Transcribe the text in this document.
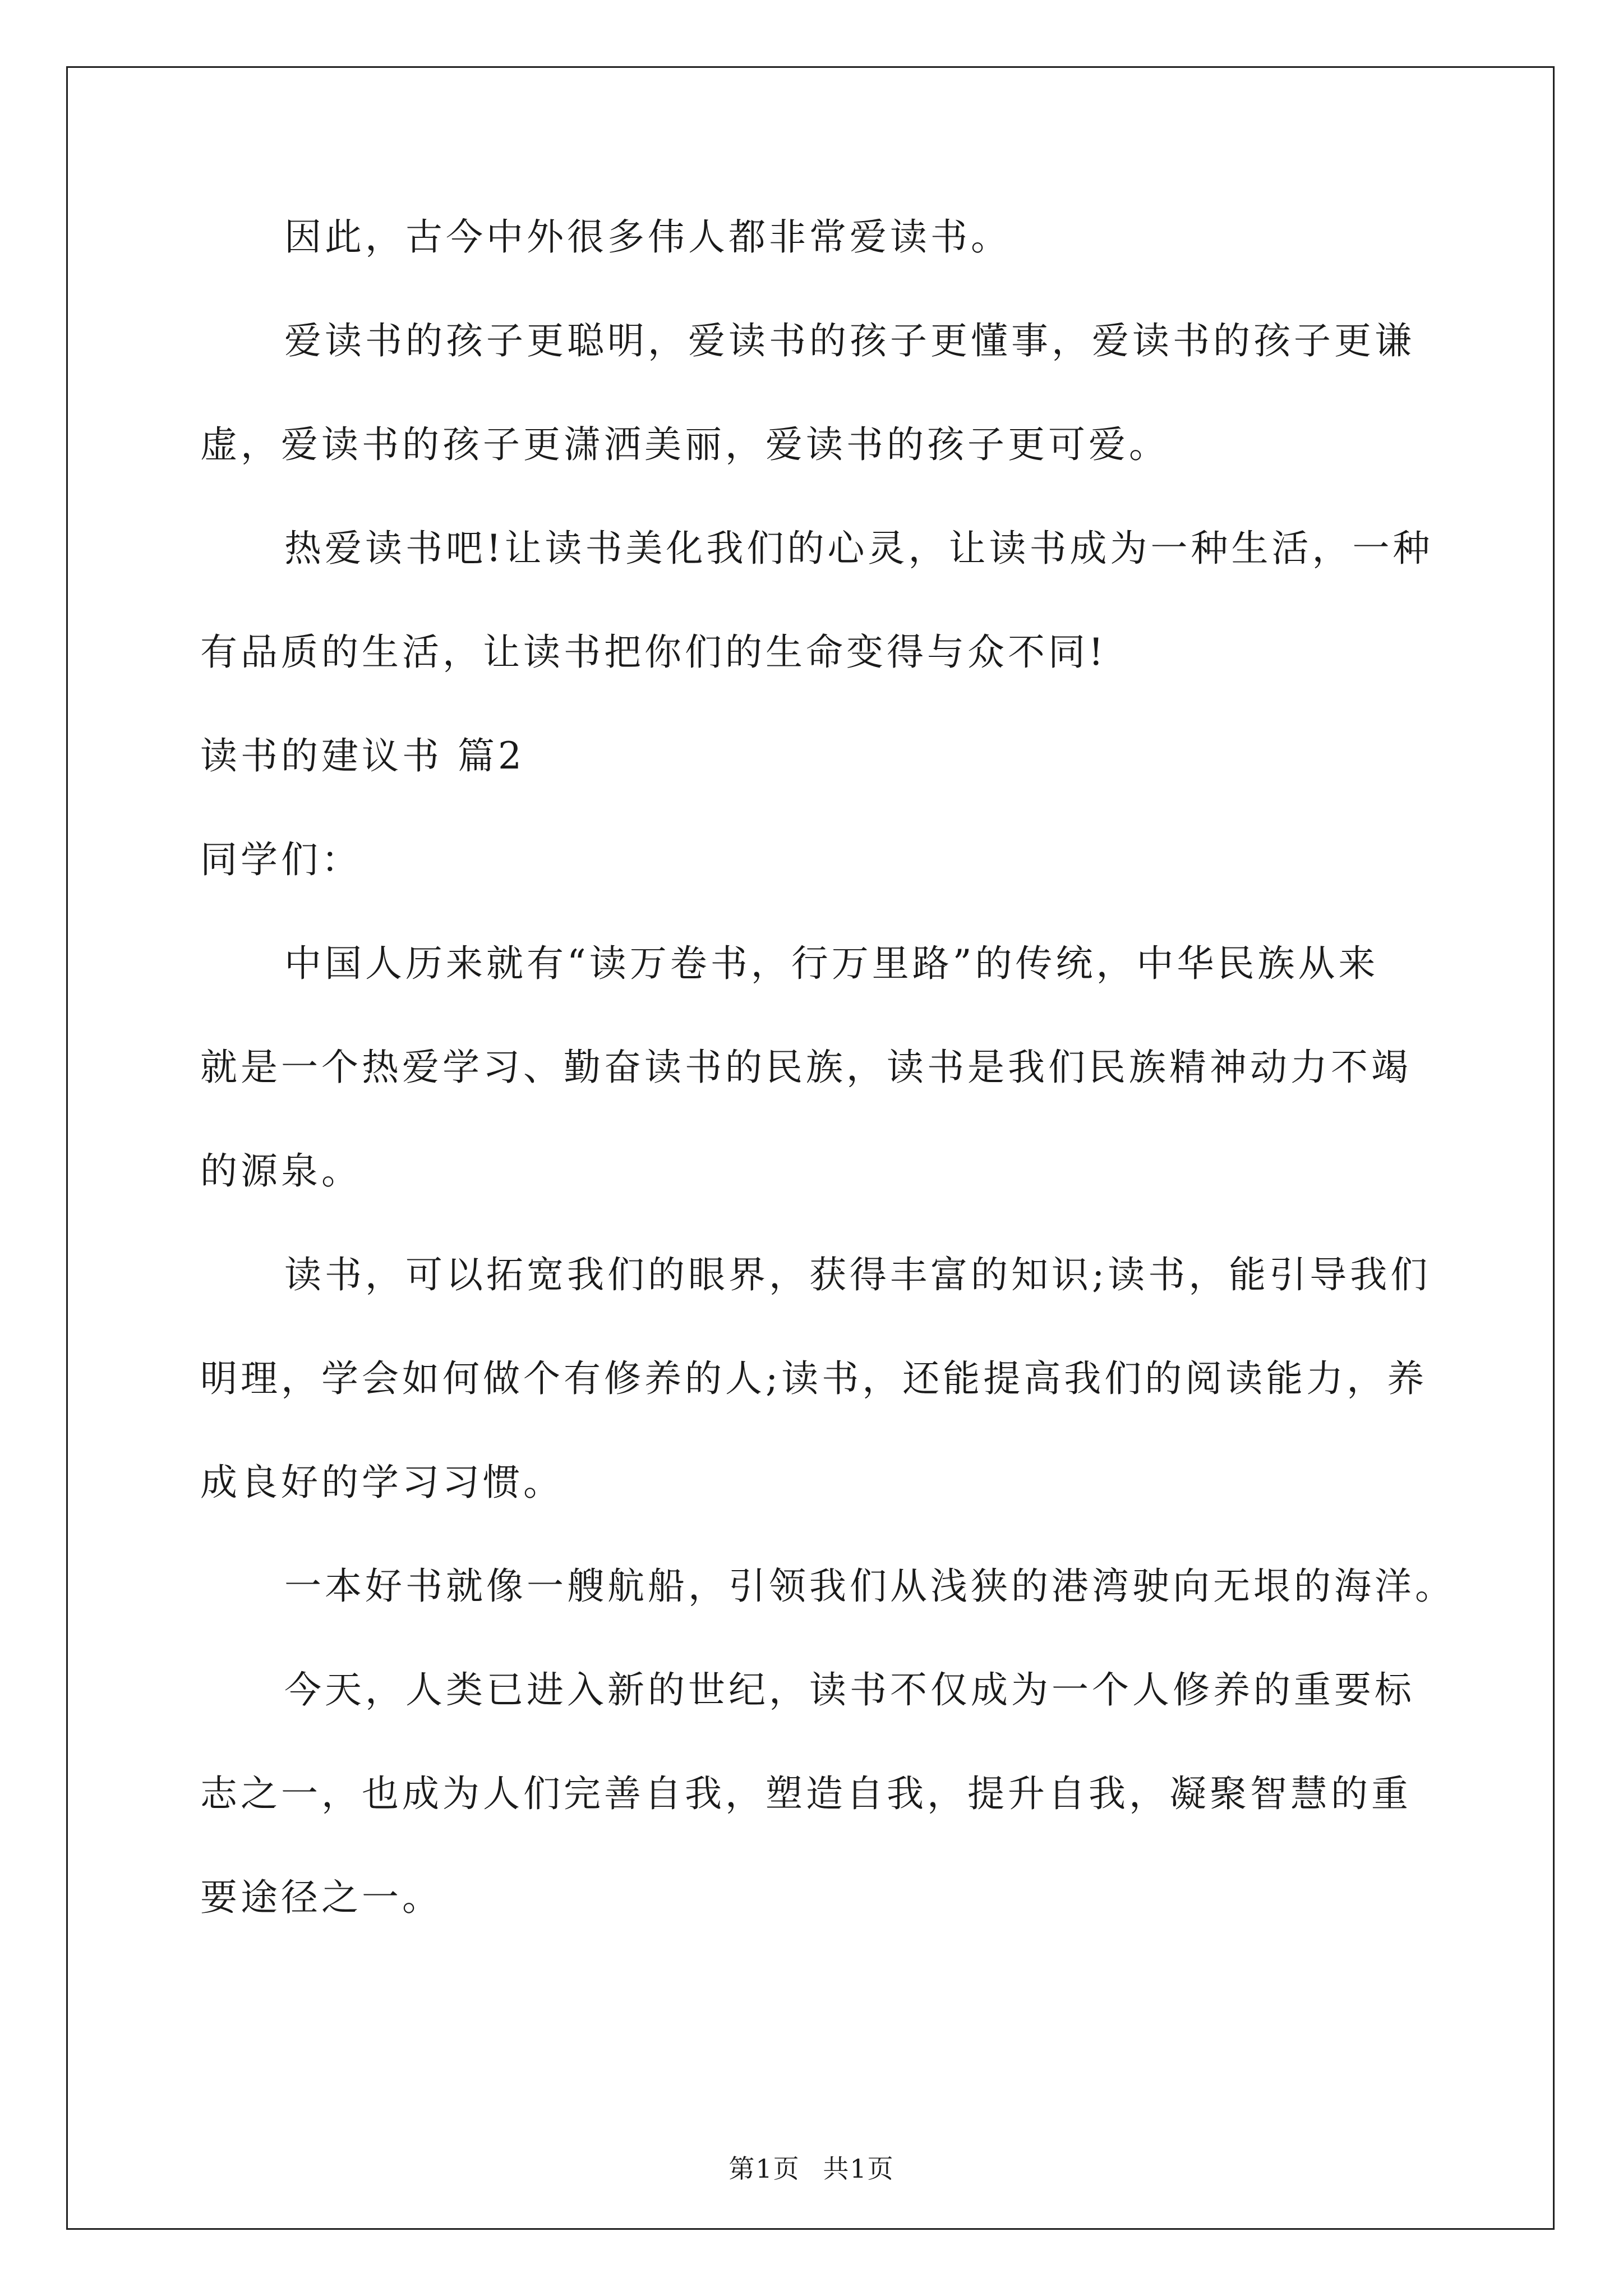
因此，古今中外很多伟人都非常爱读书。
爱读书的孩子更聪明，爱读书的孩子更懂事，爱读书的孩子更谦
虚，爱读书的孩子更潇洒美丽，爱读书的孩子更可爱。
热爱读书吧!让读书美化我们的心灵，让读书成为一种生活，一种
有品质的生活，让读书把你们的生命变得与众不同!
读书的建议书 篇2
同学们：
中国人历来就有“读万卷书，行万里路”的传统，中华民族从来
就是一个热爱学习、勤奋读书的民族，读书是我们民族精神动力不竭
的源泉。
读书，可以拓宽我们的眼界，获得丰富的知识;读书，能引导我们
明理，学会如何做个有修养的人;读书，还能提高我们的阅读能力，养
成良好的学习习惯。
一本好书就像一艘航船，引领我们从浅狭的港湾驶向无垠的海洋。
今天，人类已进入新的世纪，读书不仅成为一个人修养的重要标
志之一，也成为人们完善自我，塑造自我，提升自我，凝聚智慧的重
要途径之一。
第1页 共1页
